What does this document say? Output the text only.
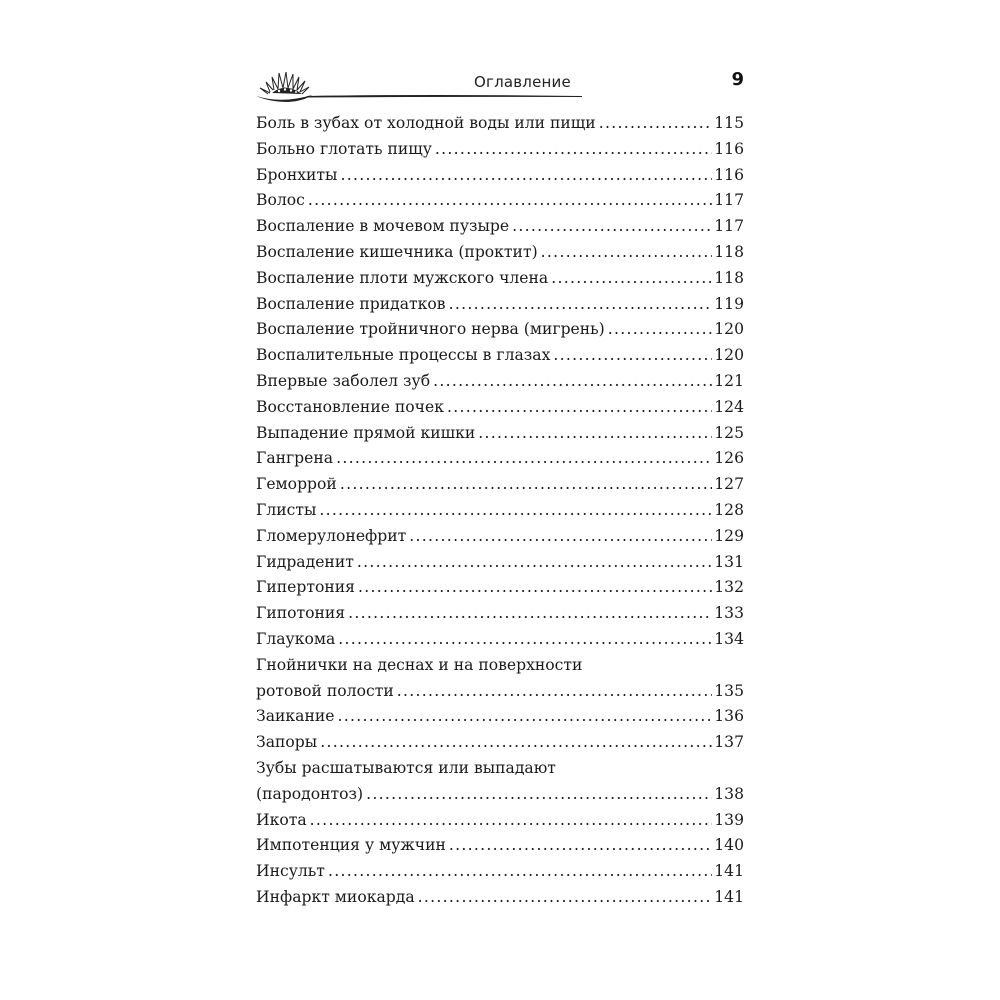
Оглавление	9
Боль в зубах от холодной воды или пищи .....	115
Больно глотать пищу .....	116
Бронхиты .....	116
Волос .....	117
Воспаление в мочевом пузыре .....	117
Воспаление кишечника (проктит) .....	118
Воспаление плоти мужского члена .....	118
Воспаление придатков .....	119
Воспаление тройничного нерва (мигрень) .....	120
Воспалительные процессы в глазах .....	120
Впервые заболел зуб .....	121
Восстановление почек .....	124
Выпадение прямой кишки .....	125
Гангрена .....	126
Геморрой .....	127
Глисты .....	128
Гломерулонефрит .....	129
Гидраденит .....	131
Гипертония .....	132
Гипотония .....	133
Глаукома .....	134
Гнойнички на деснах и на поверхности
ротовой полости .....	135
Заикание .....	136
Запоры .....	137
Зубы расшатываются или выпадают
(пародонтоз) .....	138
Икота .....	139
Импотенция у мужчин .....	140
Инсульт .....	141
Инфаркт миокарда .....	141
